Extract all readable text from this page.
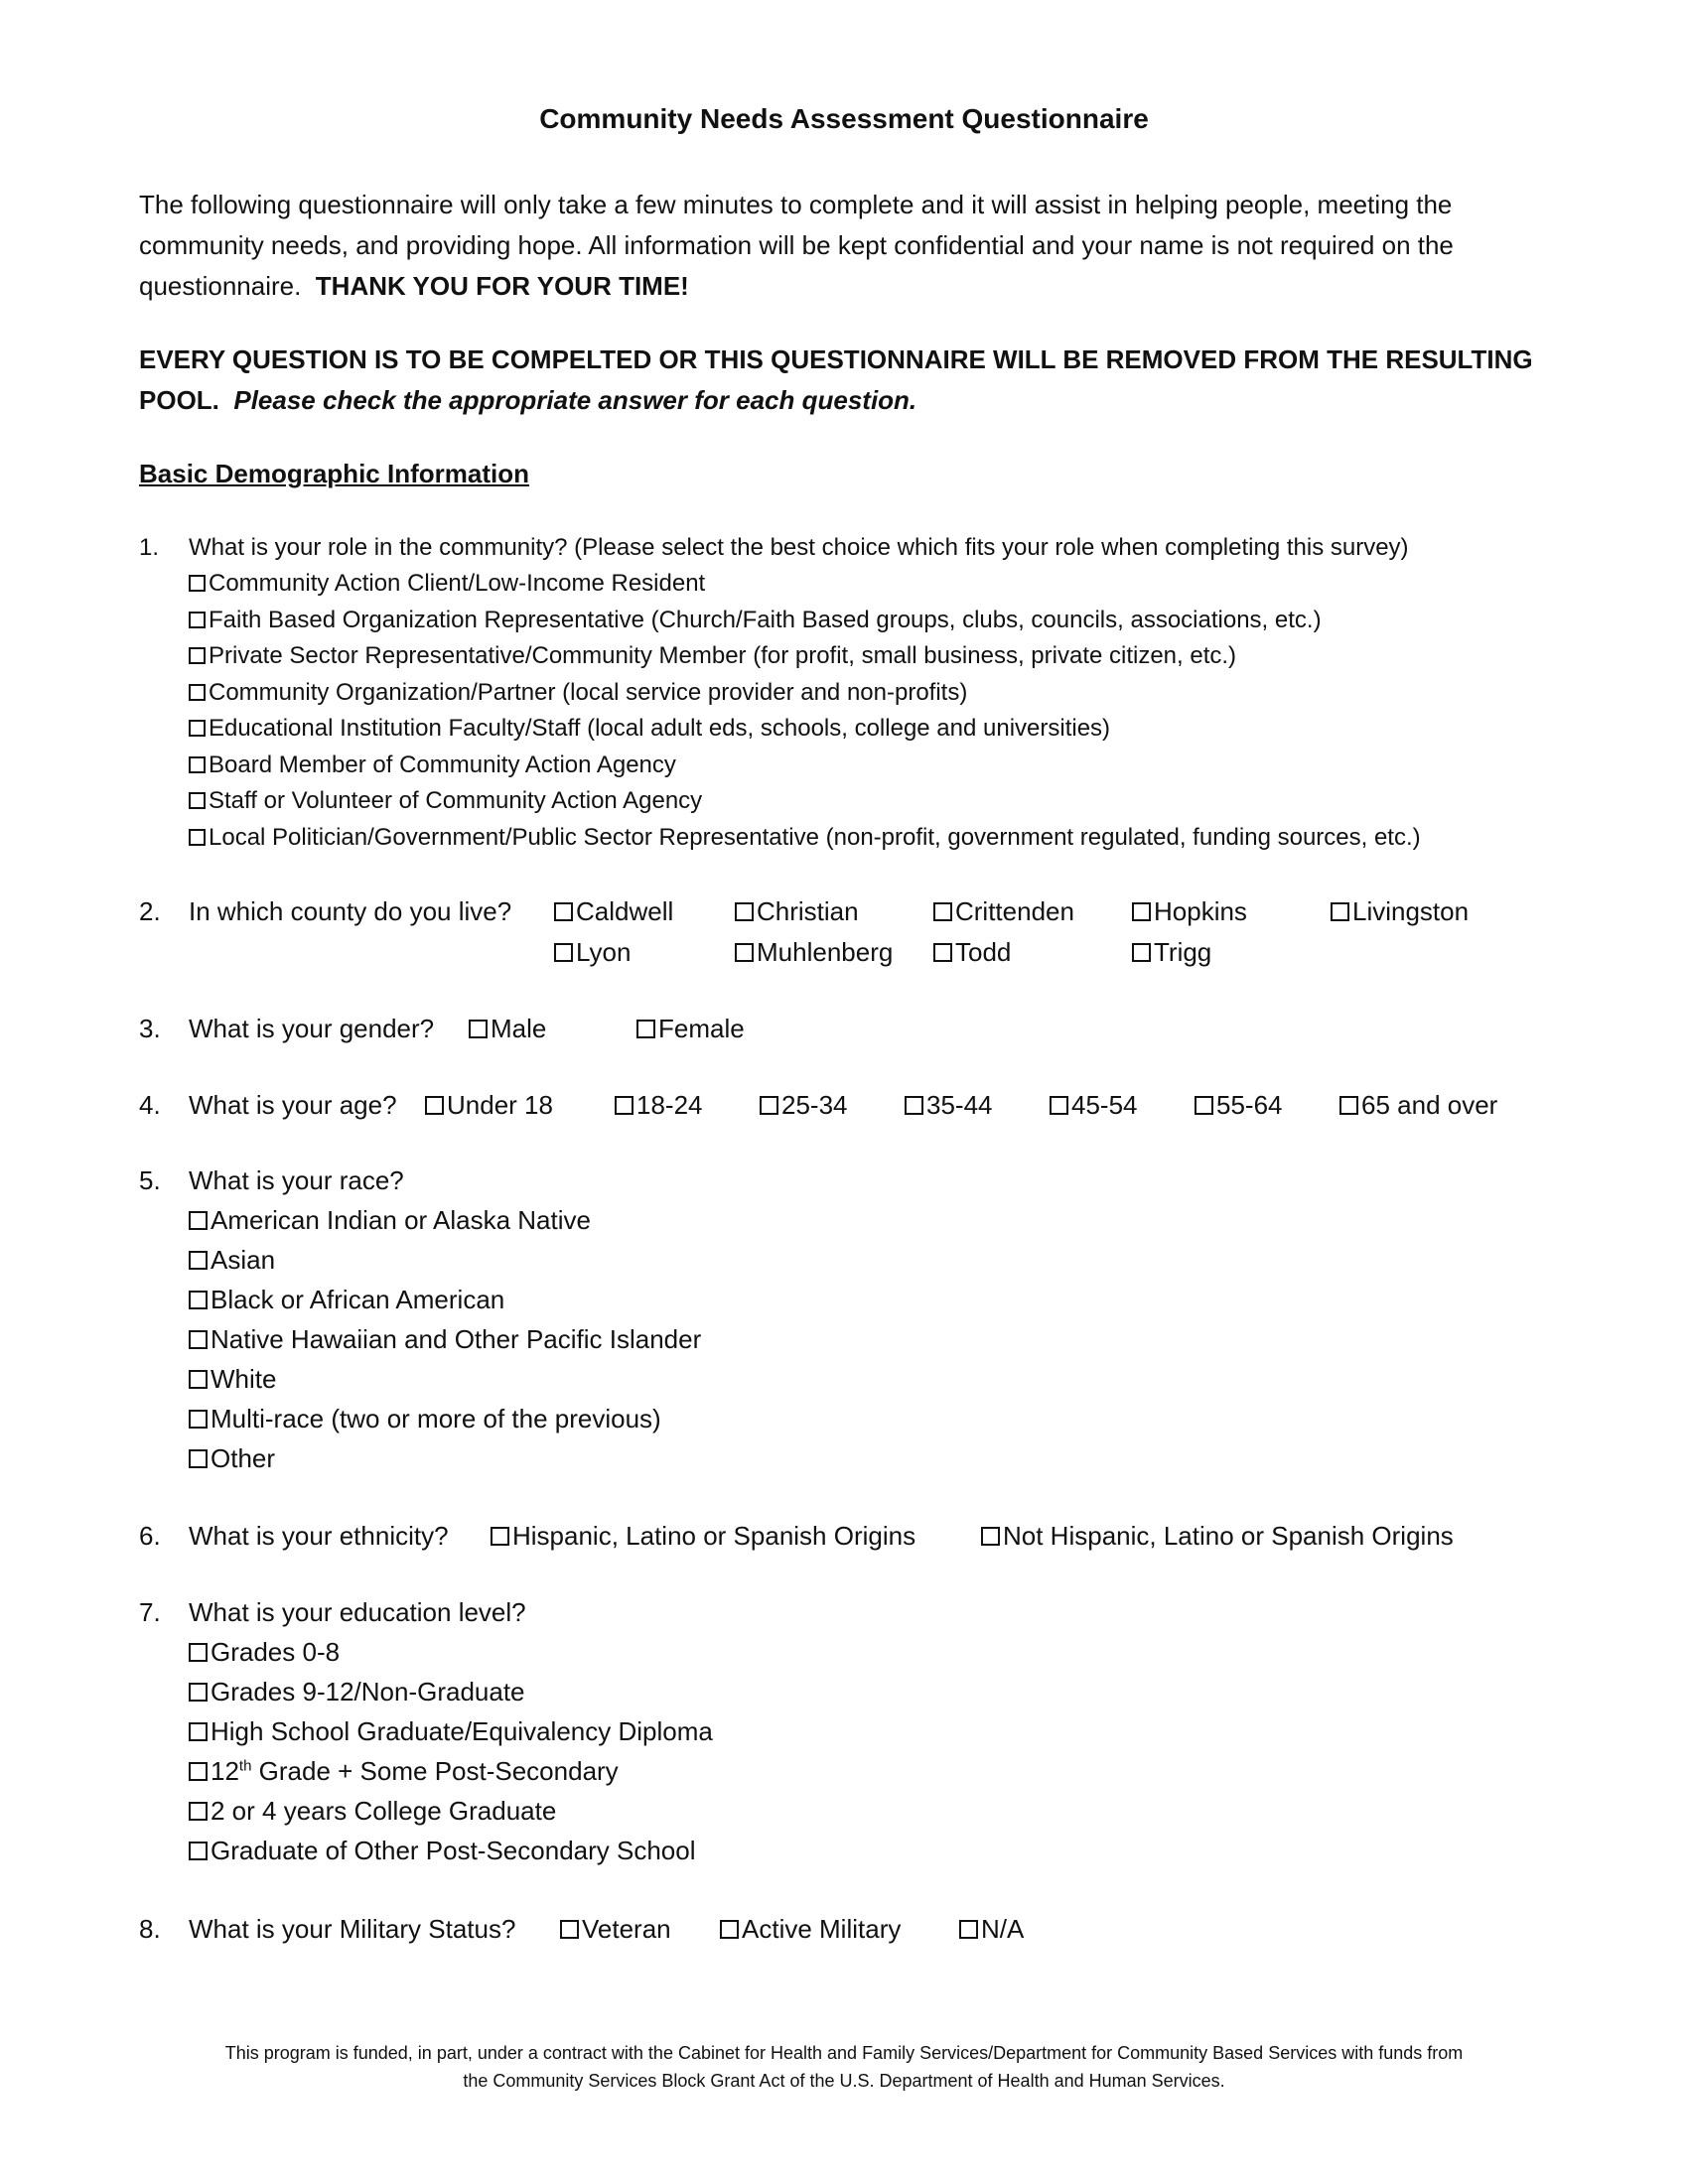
Community Needs Assessment Questionnaire
The following questionnaire will only take a few minutes to complete and it will assist in helping people, meeting the community needs, and providing hope. All information will be kept confidential and your name is not required on the questionnaire. THANK YOU FOR YOUR TIME!
EVERY QUESTION IS TO BE COMPELTED OR THIS QUESTIONNAIRE WILL BE REMOVED FROM THE RESULTING POOL. Please check the appropriate answer for each question.
Basic Demographic Information
1. What is your role in the community? (Please select the best choice which fits your role when completing this survey)
Community Action Client/Low-Income Resident
Faith Based Organization Representative (Church/Faith Based groups, clubs, councils, associations, etc.)
Private Sector Representative/Community Member (for profit, small business, private citizen, etc.)
Community Organization/Partner (local service provider and non-profits)
Educational Institution Faculty/Staff (local adult eds, schools, college and universities)
Board Member of Community Action Agency
Staff or Volunteer of Community Action Agency
Local Politician/Government/Public Sector Representative (non-profit, government regulated, funding sources, etc.)
2. In which county do you live?	Caldwell	Christian	Crittenden	Hopkins	Livingston
Lyon	Muhlenberg	Todd	Trigg
3. What is your gender?	Male	Female
4. What is your age?	Under 18	18-24	25-34	35-44	45-54	55-64	65 and over
5. What is your race?
American Indian or Alaska Native
Asian
Black or African American
Native Hawaiian and Other Pacific Islander
White
Multi-race (two or more of the previous)
Other
6. What is your ethnicity?	Hispanic, Latino or Spanish Origins	Not Hispanic, Latino or Spanish Origins
7. What is your education level?
Grades 0-8
Grades 9-12/Non-Graduate
High School Graduate/Equivalency Diploma
12th Grade + Some Post-Secondary
2 or 4 years College Graduate
Graduate of Other Post-Secondary School
8. What is your Military Status?	Veteran	Active Military	N/A
This program is funded, in part, under a contract with the Cabinet for Health and Family Services/Department for Community Based Services with funds from
the Community Services Block Grant Act of the U.S. Department of Health and Human Services.
